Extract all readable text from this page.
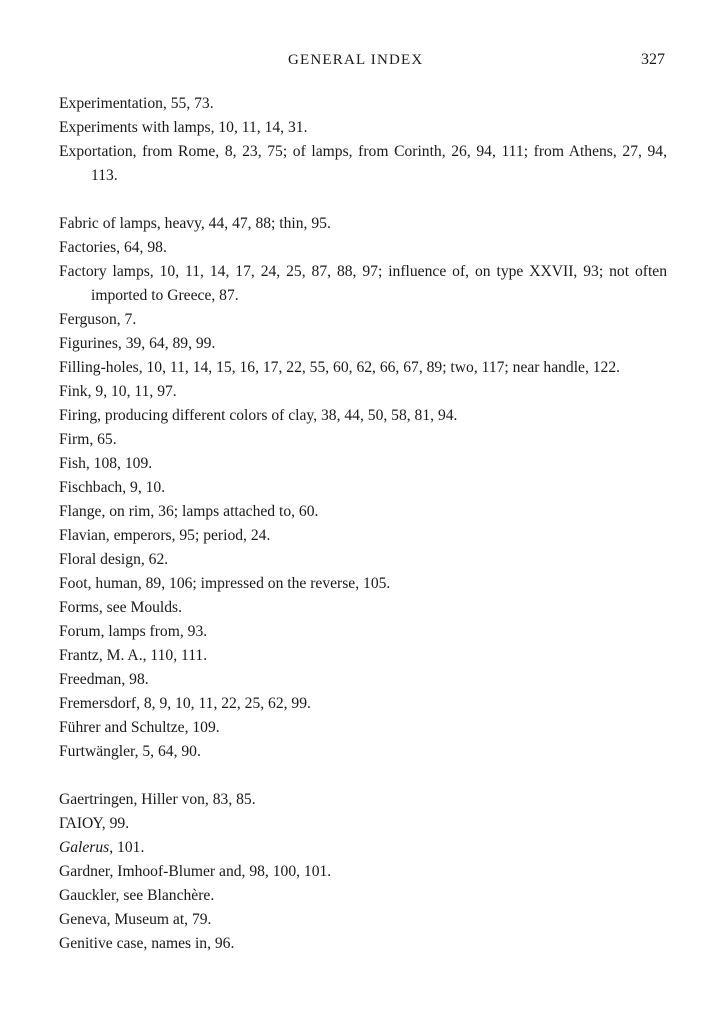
GENERAL INDEX	327
Experimentation, 55, 73.
Experiments with lamps, 10, 11, 14, 31.
Exportation, from Rome, 8, 23, 75; of lamps, from Corinth, 26, 94, 111; from Athens, 27, 94, 113.
Fabric of lamps, heavy, 44, 47, 88; thin, 95.
Factories, 64, 98.
Factory lamps, 10, 11, 14, 17, 24, 25, 87, 88, 97; influence of, on type XXVII, 93; not often imported to Greece, 87.
Ferguson, 7.
Figurines, 39, 64, 89, 99.
Filling-holes, 10, 11, 14, 15, 16, 17, 22, 55, 60, 62, 66, 67, 89; two, 117; near handle, 122.
Fink, 9, 10, 11, 97.
Firing, producing different colors of clay, 38, 44, 50, 58, 81, 94.
Firm, 65.
Fish, 108, 109.
Fischbach, 9, 10.
Flange, on rim, 36; lamps attached to, 60.
Flavian, emperors, 95; period, 24.
Floral design, 62.
Foot, human, 89, 106; impressed on the reverse, 105.
Forms, see Moulds.
Forum, lamps from, 93.
Frantz, M. A., 110, 111.
Freedman, 98.
Fremersdorf, 8, 9, 10, 11, 22, 25, 62, 99.
Führer and Schultze, 109.
Furtwängler, 5, 64, 90.
Gaertringen, Hiller von, 83, 85.
ΓΑΙΟΥ, 99.
Galerus, 101.
Gardner, Imhoof-Blumer and, 98, 100, 101.
Gauckler, see Blanchère.
Geneva, Museum at, 79.
Genitive case, names in, 96.
